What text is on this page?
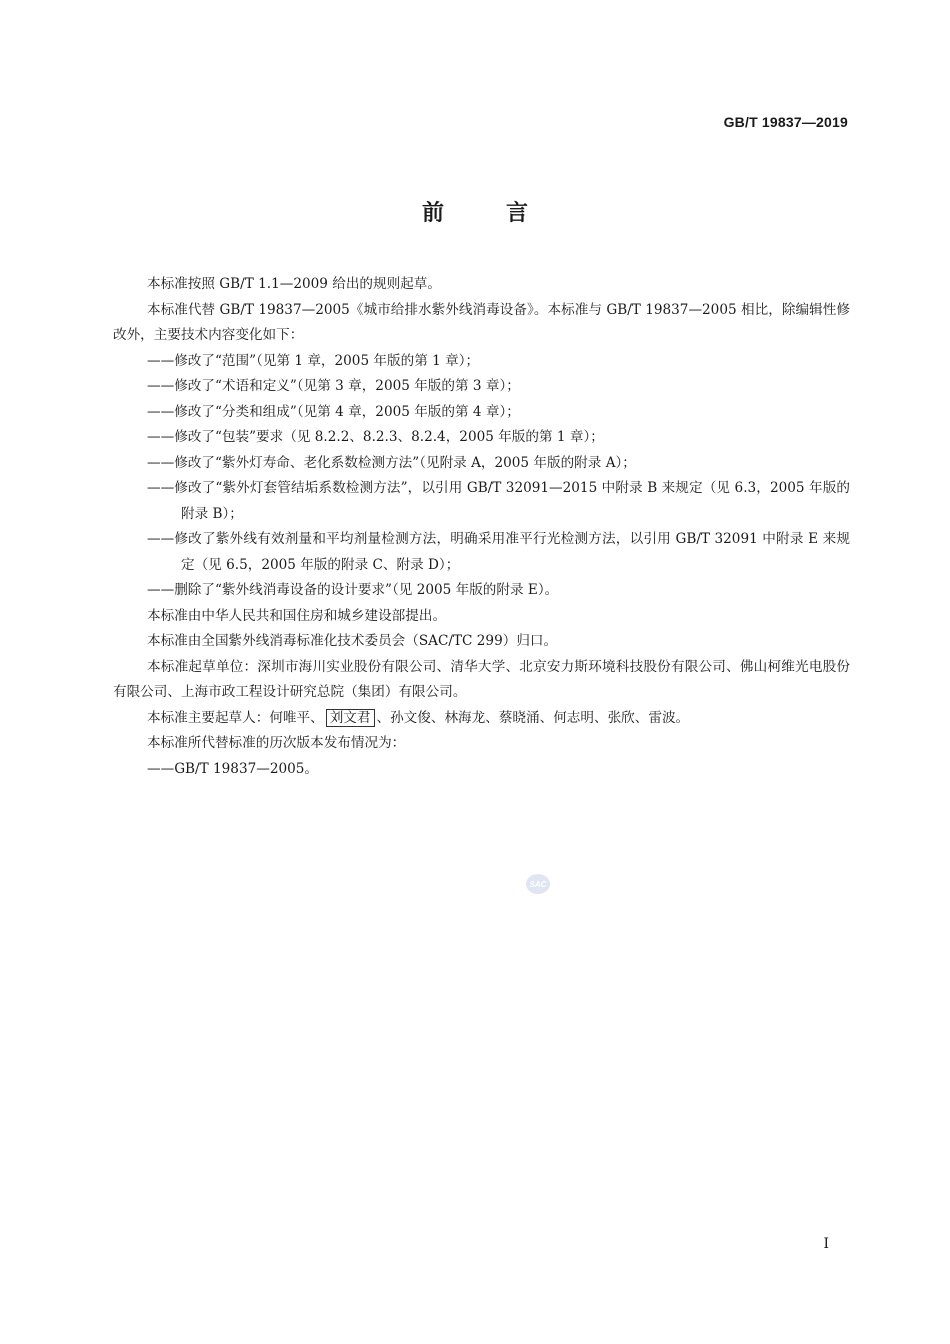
GB/T 19837—2019
前言

本标准按照 GB/T 1.1—2009 给出的规则起草。

本标准代替 GB/T 19837—2005《城市给排水紫外线消毒设备》。本标准与 GB/T 19837—2005 相比，除编辑性修改外，主要技术内容变化如下：

——修改了“范围”（见第 1 章，2005 年版的第 1 章）；
——修改了“术语和定义”（见第 3 章，2005 年版的第 3 章）；
——修改了“分类和组成”（见第 4 章，2005 年版的第 4 章）；
——修改了“包装”要求（见 8.2.2、8.2.3、8.2.4，2005 年版的第 1 章）；
——修改了“紫外灯寿命、老化系数检测方法”（见附录 A，2005 年版的附录 A）；
——修改了“紫外灯套管结垢系数检测方法”，以引用 GB/T 32091—2015 中附录 B 来规定（见 6.3，2005 年版的附录 B）；
——修改了紫外线有效剂量和平均剂量检测方法，明确采用准平行光检测方法，以引用 GB/T 32091 中附录 E 来规定（见 6.5，2005 年版的附录 C、附录 D）；
——删除了“紫外线消毒设备的设计要求”（见 2005 年版的附录 E）。

本标准由中华人民共和国住房和城乡建设部提出。

本标准由全国紫外线消毒标准化技术委员会（SAC/TC 299）归口。

本标准起草单位：深圳市海川实业股份有限公司、清华大学、北京安力斯环境科技股份有限公司、佛山柯维光电股份有限公司、上海市政工程设计研究总院（集团）有限公司。

本标准主要起草人：何唯平、 刘文君 、孙文俊、林海龙、蔡晓涌、何志明、张欣、雷波。

本标准所代替标准的历次版本发布情况为：

——GB/T 19837—2005。
SAC
I
